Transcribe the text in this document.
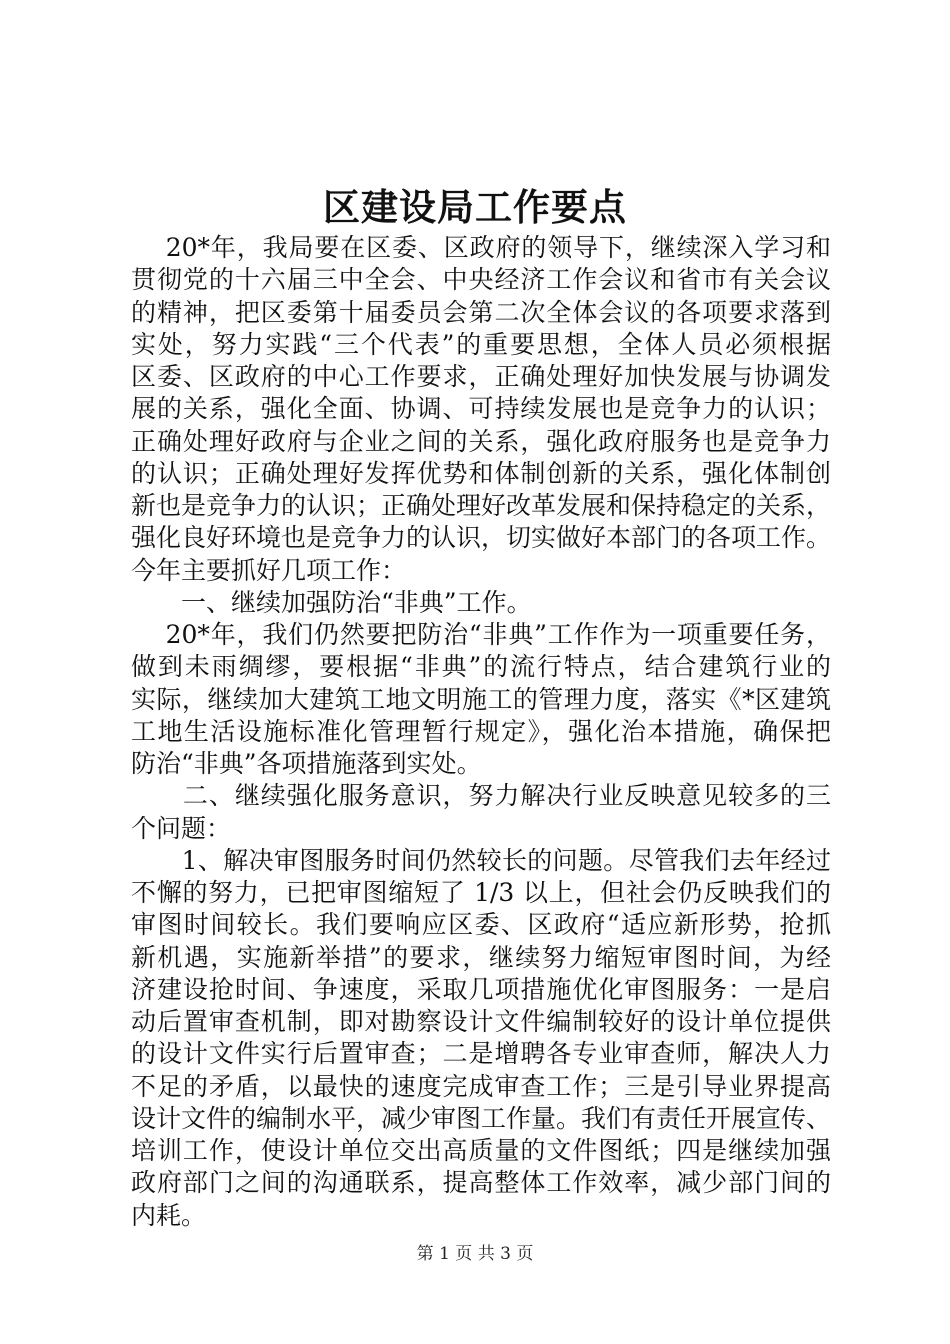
区建设局工作要点
　 20*年，我局要在区委、区政府的领导下，继续深入学习和
贯彻党的十六届三中全会、中央经济工作会议和省市有关会议
的精神，把区委第十届委员会第二次全体会议的各项要求落到
实处，努力实践“三个代表”的重要思想，全体人员必须根据
区委、区政府的中心工作要求，正确处理好加快发展与协调发
展的关系，强化全面、协调、可持续发展也是竞争力的认识；
正确处理好政府与企业之间的关系，强化政府服务也是竞争力
的认识；正确处理好发挥优势和体制创新的关系，强化体制创
新也是竞争力的认识；正确处理好改革发展和保持稳定的关系，
强化良好环境也是竞争力的认识，切实做好本部门的各项工作。
今年主要抓好几项工作：
　　一、继续加强防治“非典”工作。
　 20*年，我们仍然要把防治“非典”工作作为一项重要任务，
做到未雨绸缪，要根据“非典”的流行特点，结合建筑行业的
实际，继续加大建筑工地文明施工的管理力度，落实《*区建筑
工地生活设施标准化管理暂行规定》，强化治本措施，确保把
防治“非典”各项措施落到实处。
　　二、继续强化服务意识，努力解决行业反映意见较多的三
个问题：
　　1、解决审图服务时间仍然较长的问题。尽管我们去年经过
不懈的努力，已把审图缩短了 1/3 以上，但社会仍反映我们的
审图时间较长。我们要响应区委、区政府“适应新形势，抢抓
新机遇，实施新举措”的要求，继续努力缩短审图时间，为经
济建设抢时间、争速度，采取几项措施优化审图服务：一是启
动后置审查机制，即对勘察设计文件编制较好的设计单位提供
的设计文件实行后置审查；二是增聘各专业审查师，解决人力
不足的矛盾，以最快的速度完成审查工作；三是引导业界提高
设计文件的编制水平，减少审图工作量。我们有责任开展宣传、
培训工作，使设计单位交出高质量的文件图纸；四是继续加强
政府部门之间的沟通联系，提高整体工作效率，减少部门间的
内耗。
第 1 页 共 3 页
